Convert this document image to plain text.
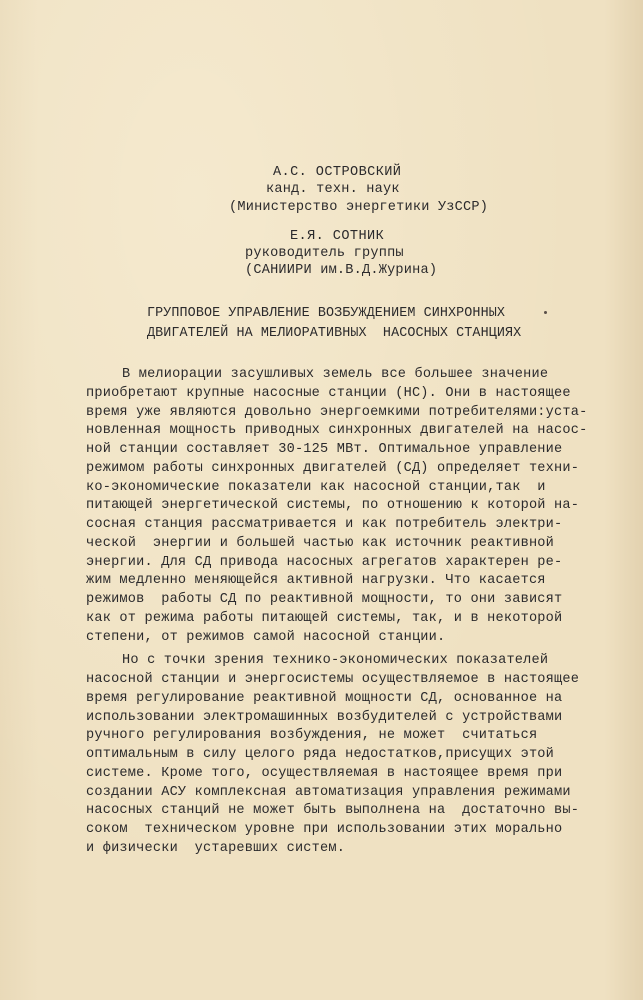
А.С. ОСТРОВСКИЙ
канд. техн. наук
(Министерство энергетики УзССР)
Е.Я. СОТНИК
руководитель группы
(САНИИРИ им.В.Д.Журина)
ГРУППОВОЕ УПРАВЛЕНИЕ ВОЗБУЖДЕНИЕМ СИНХРОННЫХ
ДВИГАТЕЛЕЙ НА МЕЛИОРАТИВНЫХ  НАСОСНЫХ СТАНЦИЯХ
В мелиорации засушливых земель все большее значение
приобретают крупные насосные станции (НС). Они в настоящее
время уже являются довольно энергоемкими потребителями:уста-
новленная мощность приводных синхронных двигателей на насос-
ной станции составляет 30-125 МВт. Оптимальное управление
режимом работы синхронных двигателей (СД) определяет техни-
ко-экономические показатели как насосной станции,так  и
питающей энергетической системы, по отношению к которой на-
сосная станция рассматривается и как потребитель электри-
ческой  энергии и большей частью как источник реактивной
энергии. Для СД привода насосных агрегатов характерен ре-
жим медленно меняющейся активной нагрузки. Что касается
режимов  работы СД по реактивной мощности, то они зависят
как от режима работы питающей системы, так, и в некоторой
степени, от режимов самой насосной станции.
Но с точки зрения технико-экономических показателей
насосной станции и энергосистемы осуществляемое в настоящее
время регулирование реактивной мощности СД, основанное на
использовании электромашинных возбудителей с устройствами
ручного регулирования возбуждения, не может  считаться
оптимальным в силу целого ряда недостатков,присущих этой
системе. Кроме того, осуществляемая в настоящее время при
создании АСУ комплексная автоматизация управления режимами
насосных станций не может быть выполнена на  достаточно вы-
соком  техническом уровне при использовании этих морально
и физически  устаревших систем.
